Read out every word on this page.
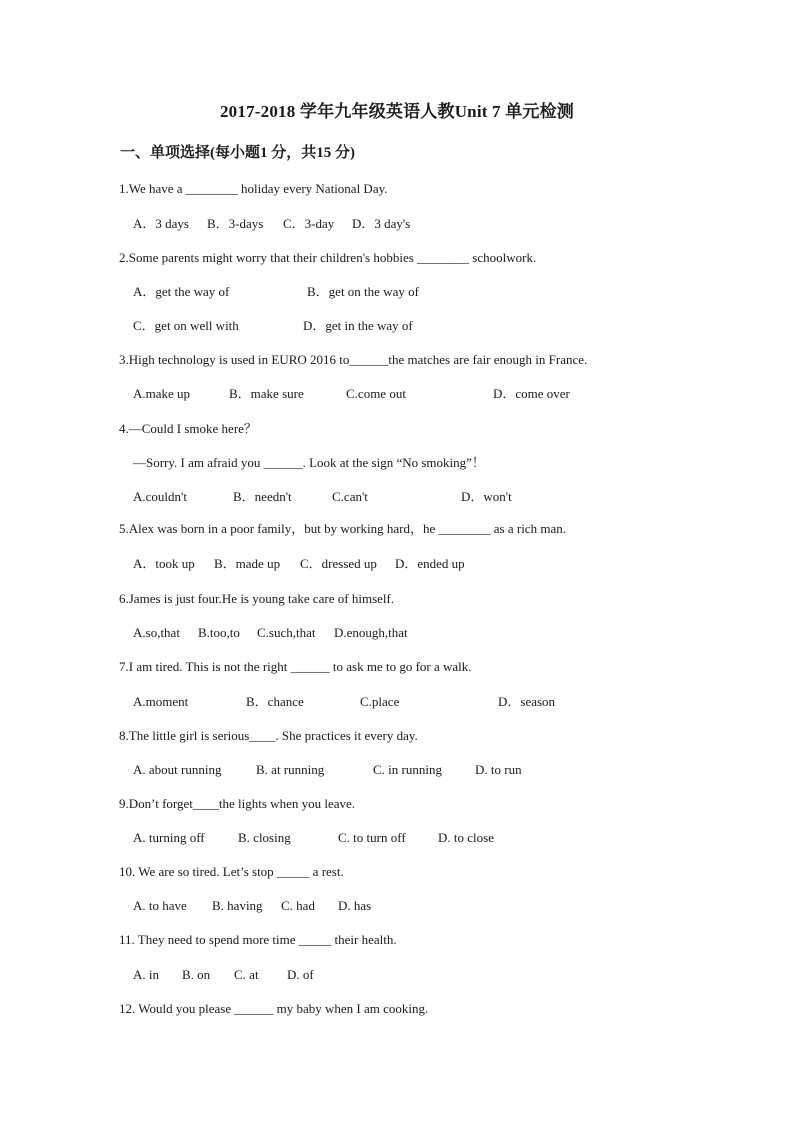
2017-2018 学年九年级英语人教Unit 7 单元检测
一、单项选择(每小题1 分，共15 分)
1.We have a ________ holiday every National Day.
A．3 days B．3-days C．3-day D．3 day's
2.Some parents might worry that their children's hobbies ________ schoolwork.
A．get the way of	B．get on the way of
C．get on well with	D．get in the way of
3.High technology is used in EURO 2016 to______the matches are fair enough in France.
A.make up	B．make sure	C.come out	D．come over
4.—Could I smoke here？
—Sorry. I am afraid you ______. Look at the sign “No smoking”！
A.couldn't	B．needn't	C.can't	D．won't
5.Alex was born in a poor family，but by working hard，he ________ as a rich man.
A．took up B．made up C．dressed up D．ended up
6.James is just four.He is young take care of himself.
A.so,that B.too,to C.such,that D.enough,that
7.I am tired. This is not the right ______ to ask me to go for a walk.
A.moment	B．chance	C.place	D．season
8.The little girl is serious____. She practices it every day.
A. about running	B. at running	C. in running	D. to run
9.Don’t forget____the lights when you leave.
A. turning off	B. closing	C. to turn off D. to close
10. We are so tired. Let’s stop _____ a rest.
A. to have B. having C. had D. has
11. They need to spend more time _____ their health.
A. in B. on C. at D. of
12. Would you please ______ my baby when I am cooking.
